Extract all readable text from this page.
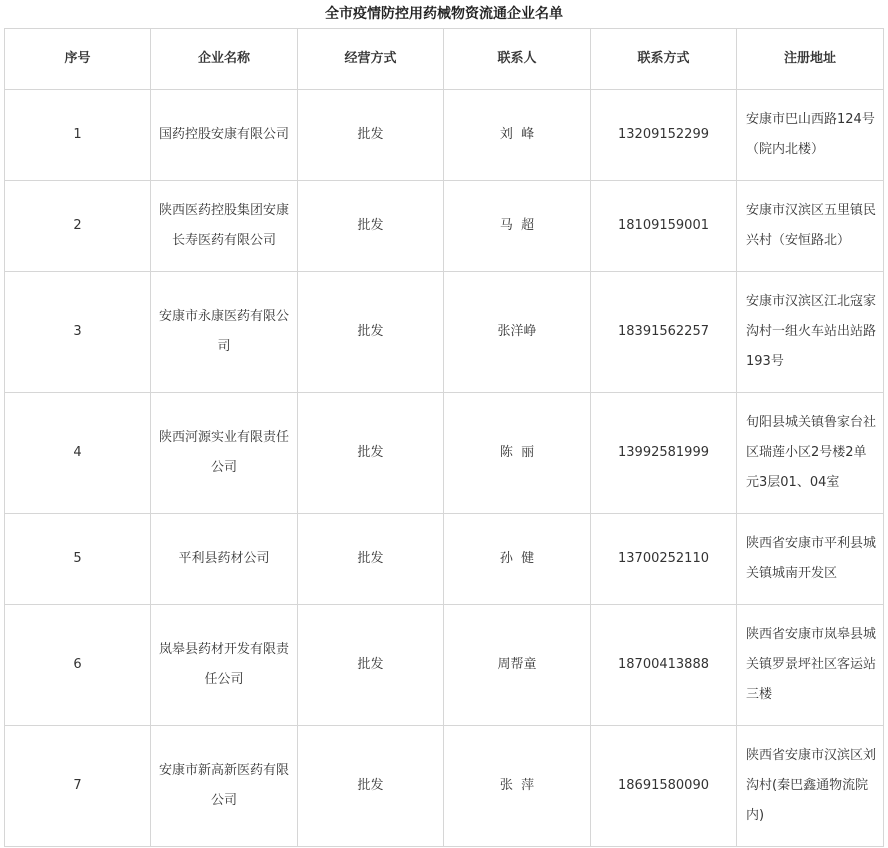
全市疫情防控用药械物资流通企业名单
序号	企业名称	经营方式	联系人	联系方式	注册地址
1	国药控股安康有限公司	批发	刘  峰	13209152299	安康市巴山西路124号（院内北楼）
2	陕西医药控股集团安康长寿医药有限公司	批发	马  超	18109159001	安康市汉滨区五里镇民兴村（安恒路北）
3	安康市永康医药有限公司	批发	张洋峥	18391562257	安康市汉滨区江北寇家沟村一组火车站出站路193号
4	陕西河源实业有限责任公司	批发	陈  丽	13992581999	旬阳县城关镇鲁家台社区瑞莲小区2号楼2单元3层01、04室
5	平利县药材公司	批发	孙  健	13700252110	陕西省安康市平利县城关镇城南开发区
6	岚皋县药材开发有限责任公司	批发	周帮童	18700413888	陕西省安康市岚皋县城关镇罗景坪社区客运站三楼
7	安康市新高新医药有限公司	批发	张  萍	18691580090	陕西省安康市汉滨区刘沟村(秦巴鑫通物流院内)
